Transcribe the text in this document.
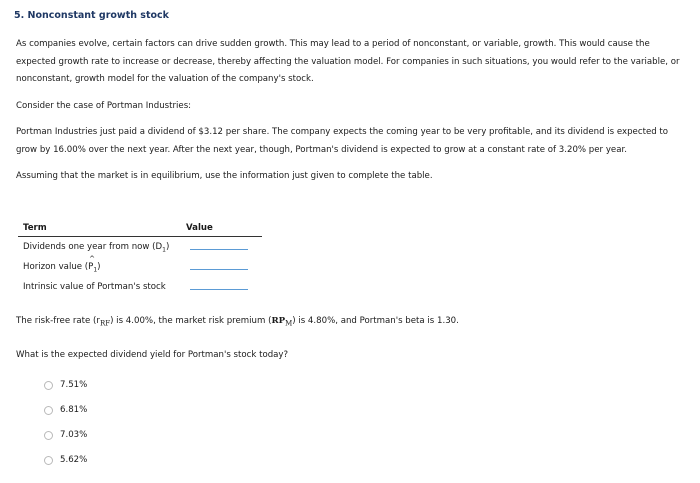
5. Nonconstant growth stock
As companies evolve, certain factors can drive sudden growth. This may lead to a period of nonconstant, or variable, growth. This would cause the expected growth rate to increase or decrease, thereby affecting the valuation model. For companies in such situations, you would refer to the variable, or nonconstant, growth model for the valuation of the company's stock.
Consider the case of Portman Industries:
Portman Industries just paid a dividend of $3.12 per share. The company expects the coming year to be very profitable, and its dividend is expected to grow by 16.00% over the next year. After the next year, though, Portman's dividend is expected to grow at a constant rate of 3.20% per year.
Assuming that the market is in equilibrium, use the information just given to complete the table.
Term	Value
Dividends one year from now $(D_1)$
Horizon value (^ $P_1$)
Intrinsic value of Portman's stock
The risk-free rate $(r_{RF})$ is 4.00%, the market risk premium $(RP_M)$ is 4.80%, and Portman's beta is 1.30.
What is the expected dividend yield for Portman's stock today?
7.51%
6.81%
7.03%
5.62%
